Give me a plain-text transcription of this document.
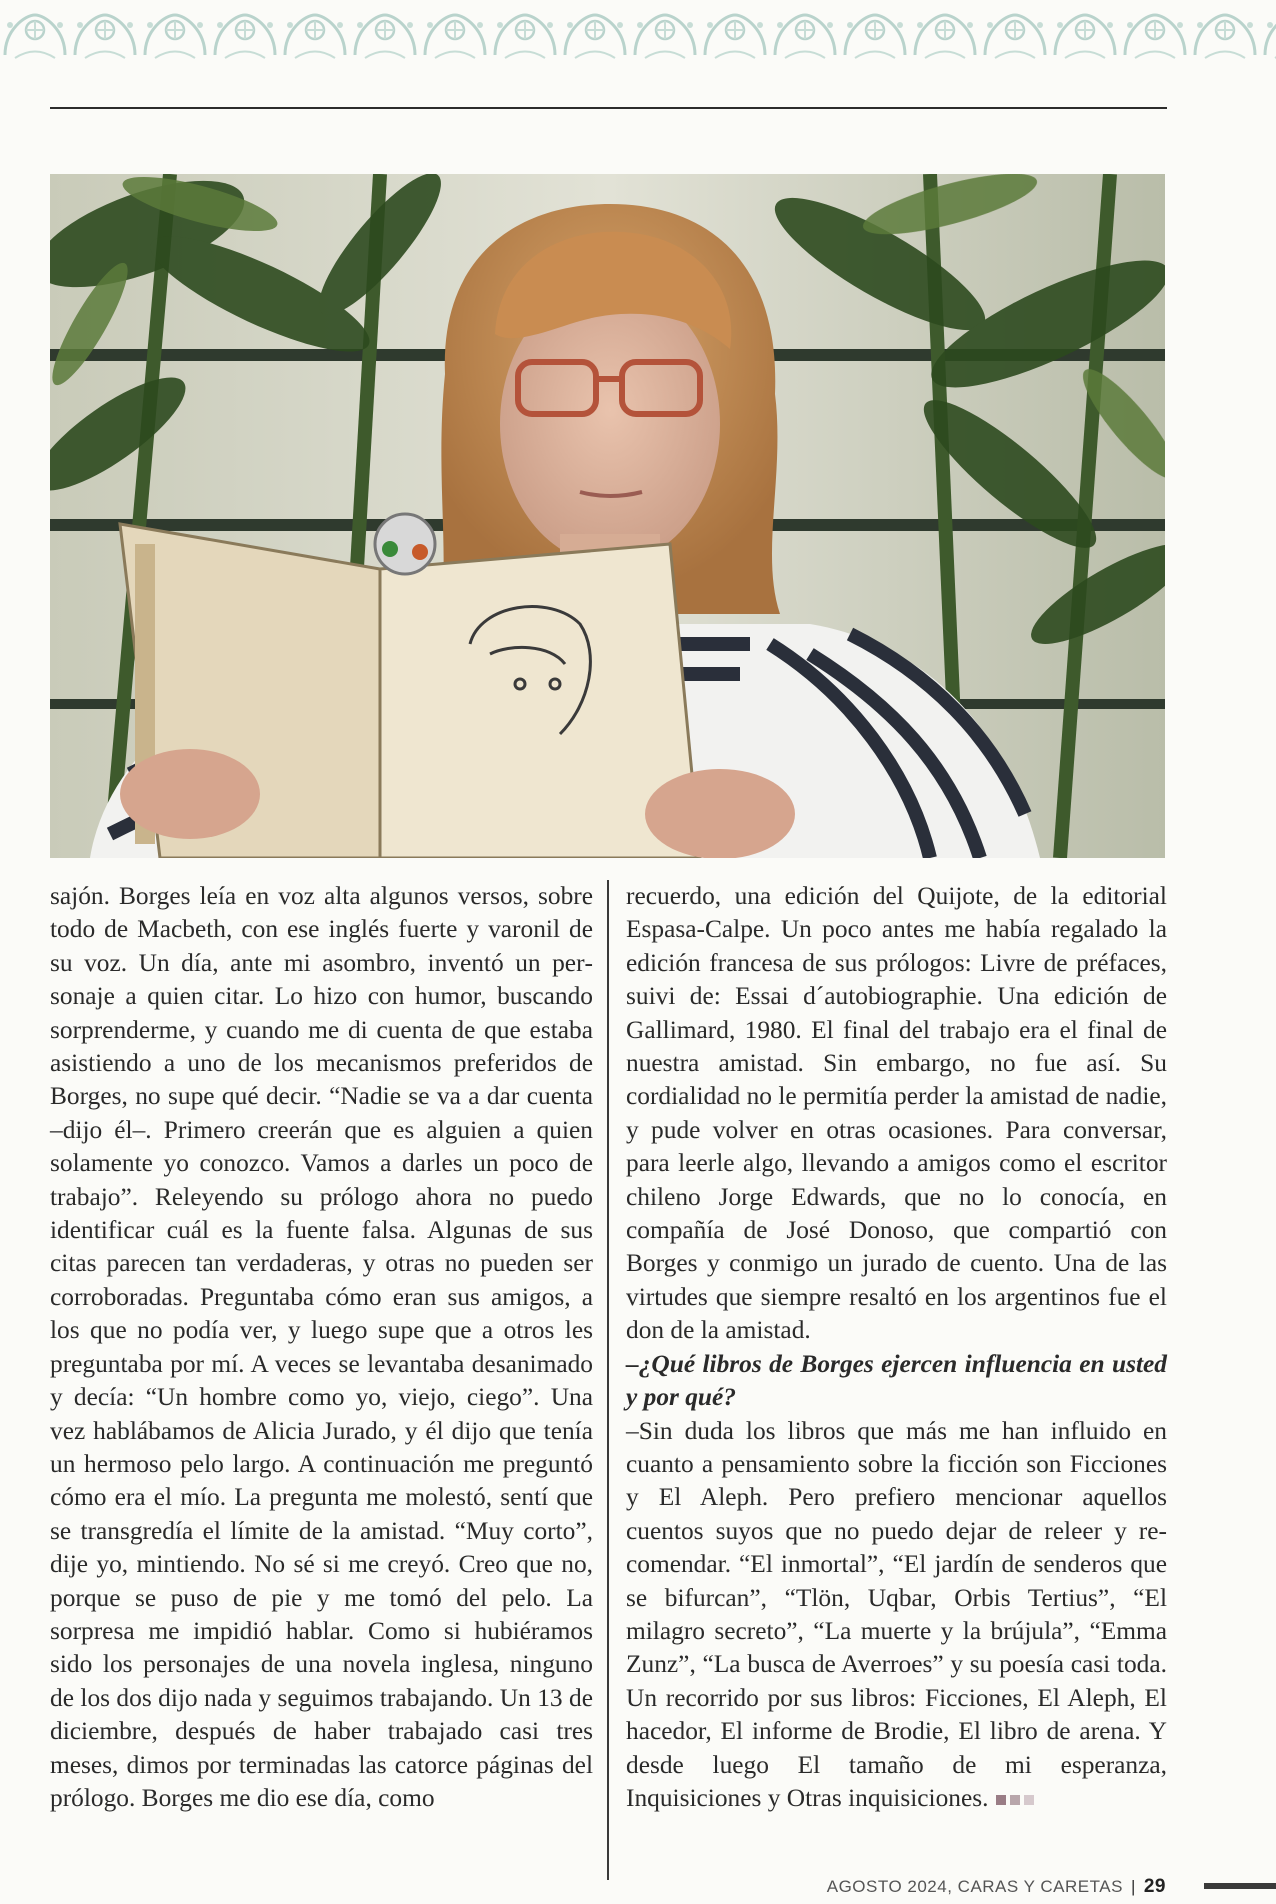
sajón. Borges leía en voz alta algunos versos, sobre todo de Macbeth, con ese inglés fuerte y varonil de su voz. Un día, ante mi asombro, inventó un personaje a quien citar. Lo hizo con humor, buscando sorprenderme, y cuando me di cuenta de que estaba asistiendo a uno de los mecanismos preferidos de Borges, no supe qué decir. “Nadie se va a dar cuenta –dijo él–. Primero creerán que es alguien a quien solamente yo conozco. Vamos a darles un poco de trabajo”. Releyendo su prólogo ahora no puedo identificar cuál es la fuente falsa. Algunas de sus citas parecen tan verdaderas, y otras no pueden ser corroboradas. Preguntaba cómo eran sus amigos, a los que no podía ver, y luego supe que a otros les preguntaba por mí. A veces se levantaba desanimado y decía: “Un hombre como yo, viejo, ciego”. Una vez hablábamos de Alicia Jurado, y él dijo que tenía un hermoso pelo largo. A continuación me preguntó cómo era el mío. La pregunta me molestó, sentí que se transgredía el límite de la amistad. “Muy corto”, dije yo, mintiendo. No sé si me creyó. Creo que no, porque se puso de pie y me tomó del pelo. La sorpresa me impidió hablar. Como si hubiéramos sido los personajes de una novela inglesa, ninguno de los dos dijo nada y seguimos trabajando. Un 13 de diciembre, después de haber trabajado casi tres meses, dimos por terminadas las catorce páginas del prólogo. Borges me dio ese día, como

recuerdo, una edición del Quijote, de la editorial Espasa-Calpe. Un poco antes me había regalado la edición francesa de sus prólogos: Livre de préfaces, suivi de: Essai d´autobiographie. Una edición de Gallimard, 1980. El final del trabajo era el final de nuestra amistad. Sin embargo, no fue así. Su cordialidad no le permitía perder la amistad de nadie, y pude volver en otras ocasiones. Para conversar, para leerle algo, llevando a amigos como el escritor chileno Jorge Edwards, que no lo conocía, en compañía de José Donoso, que compartió con Borges y conmigo un jurado de cuento. Una de las virtudes que siempre resaltó en los argentinos fue el don de la amistad.

–¿Qué libros de Borges ejercen influencia en usted y por qué?

–Sin duda los libros que más me han influido en cuanto a pensamiento sobre la ficción son Ficciones y El Aleph. Pero prefiero mencionar aquellos cuentos suyos que no puedo dejar de releer y recomendar. “El inmortal”, “El jardín de senderos que se bifurcan”, “Tlön, Uqbar, Orbis Tertius”, “El milagro secreto”, “La muerte y la brújula”, “Emma Zunz”, “La busca de Averroes” y su poesía casi toda. Un recorrido por sus libros: Ficciones, El Aleph, El hacedor, El informe de Brodie, El libro de arena. Y desde luego El tamaño de mi esperanza, Inquisiciones y Otras inquisiciones.

AGOSTO 2024, CARAS Y CARETAS | 29
